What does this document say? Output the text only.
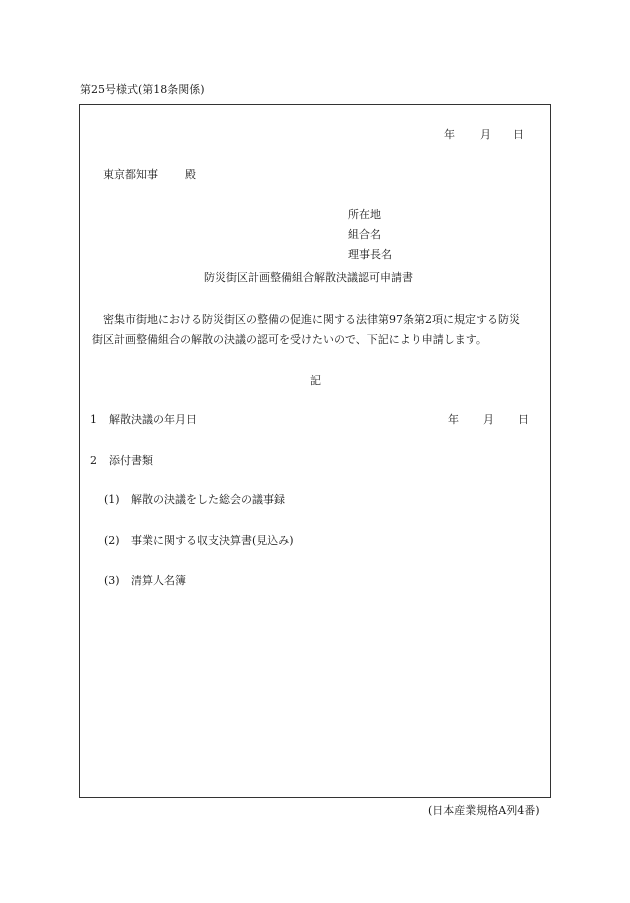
第25号様式(第18条関係)
年 月 日
東京都知事 殿
所在地
組合名
理事長名
防災街区計画整備組合解散決議認可申請書
密集市街地における防災街区の整備の促進に関する法律第97条第2項に規定する防災
街区計画整備組合の解散の決議の認可を受けたいので、下記により申請します。
記
1 解散決議の年月日	年 月 日
2 添付書類
(1) 解散の決議をした総会の議事録
(2) 事業に関する収支決算書(見込み)
(3) 清算人名簿
(日本産業規格A列4番)
